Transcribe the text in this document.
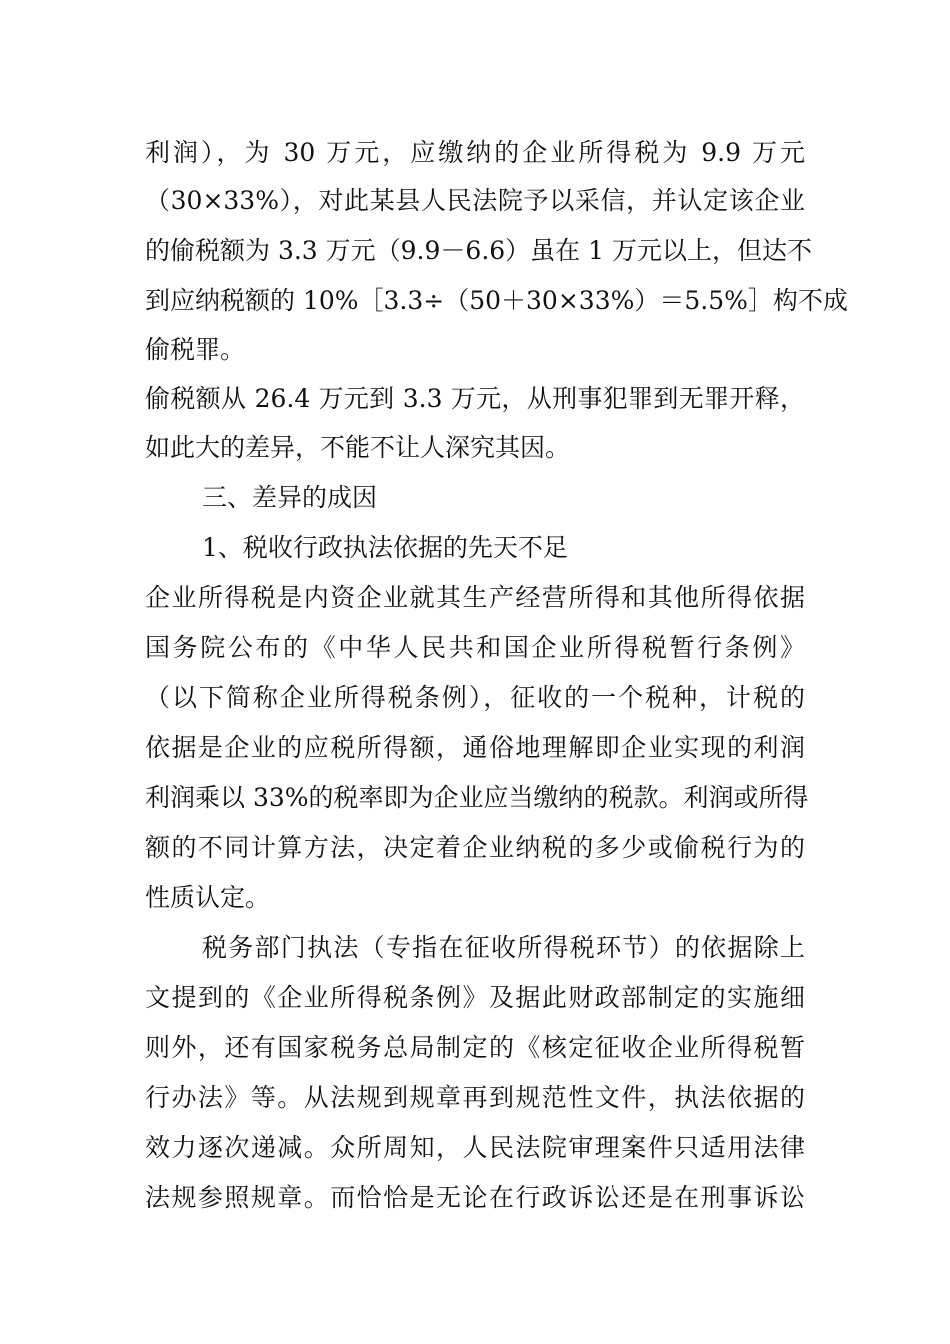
利润），为 30 万元，应缴纳的企业所得税为 9.9 万元
（30×33%），对此某县人民法院予以采信，并认定该企业
的偷税额为 3.3 万元（9.9－6.6）虽在 1 万元以上，但达不
到应纳税额的 10%［3.3÷（50＋30×33%）＝5.5%］构不成
偷税罪。
偷税额从 26.4 万元到 3.3 万元，从刑事犯罪到无罪开释，
如此大的差异，不能不让人深究其因。
三、差异的成因
1、税收行政执法依据的先天不足
企业所得税是内资企业就其生产经营所得和其他所得依据
国务院公布的《中华人民共和国企业所得税暂行条例》
（以下简称企业所得税条例），征收的一个税种，计税的
依据是企业的应税所得额，通俗地理解即企业实现的利润
利润乘以 33%的税率即为企业应当缴纳的税款。利润或所得
额的不同计算方法，决定着企业纳税的多少或偷税行为的
性质认定。
税务部门执法（专指在征收所得税环节）的依据除上
文提到的《企业所得税条例》及据此财政部制定的实施细
则外，还有国家税务总局制定的《核定征收企业所得税暂
行办法》等。从法规到规章再到规范性文件，执法依据的
效力逐次递减。众所周知，人民法院审理案件只适用法律
法规参照规章。而恰恰是无论在行政诉讼还是在刑事诉讼
